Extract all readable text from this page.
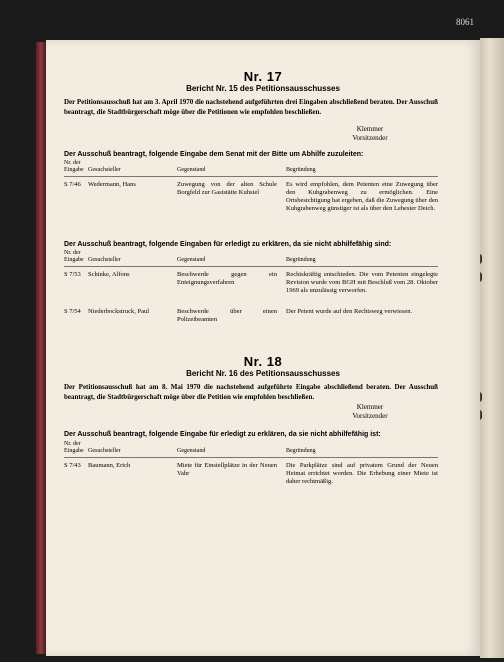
8061
Nr. 17
Bericht Nr. 15 des Petitionsausschusses
Der Petitionsausschuß hat am 3. April 1970 die nachstehend aufgeführten drei Eingaben abschließend beraten. Der Ausschuß beantragt, die Stadtbürgerschaft möge über die Petitionen wie empfohlen beschließen.
Klemmer
Vorsitzender
Der Ausschuß beantragt, folgende Eingabe dem Senat mit der Bitte um Abhilfe zuzuleiten:
Nr. der
Eingabe Gesuchsteller	Gegenstand	Begründung
S 7/46 Wedermann, Hans	Zuwegung von der alten Schule Borgfeld zur Gaststätte Kuhsiel
Es wird empfohlen, dem Petenten eine Zuwegung über den Kuhgrabenweg zu ermöglichen. Eine Ortsbesichtigung hat ergeben, daß die Zuwegung über den Kuhgrabenweg günstiger ist als über den Lehester Deich.
Der Ausschuß beantragt, folgende Eingaben für erledigt zu erklären, da sie nicht abhilfefähig sind:
Nr. der
Eingabe Gesuchsteller	Gegenstand	Begründung
S 7/53 Schinke, Alfons	Beschwerde gegen ein Enteignungsverfahren
Rechtskräftig entschieden. Die vom Petenten eingelegte Revision wurde vom BGH mit Beschluß vom 28. Oktober 1969 als unzulässig verworfen.
S 7/54 Niederbockstruck, Paul	Beschwerde über einen Polizeibeamten
Der Petent wurde auf den Rechtsweg verwiesen.
Nr. 18
Bericht Nr. 16 des Petitionsausschusses
Der Petitionsausschuß hat am 8. Mai 1970 die nachstehend aufgeführte Eingabe abschließend beraten. Der Ausschuß beantragt, die Stadtbürgerschaft möge über die Petition wie empfohlen beschließen.
Klemmer
Vorsitzender
Der Ausschuß beantragt, folgende Eingabe für erledigt zu erklären, da sie nicht abhilfefähig ist:
Nr. der
Eingabe Gesuchsteller	Gegenstand	Begründung
S 7/43 Baumann, Erich	Miete für Einstellplätze in der Neuen Vahr
Die Parkplätze sind auf privatem Grund der Neuen Heimat errichtet worden. Die Erhebung einer Miete ist daher rechtmäßig.
